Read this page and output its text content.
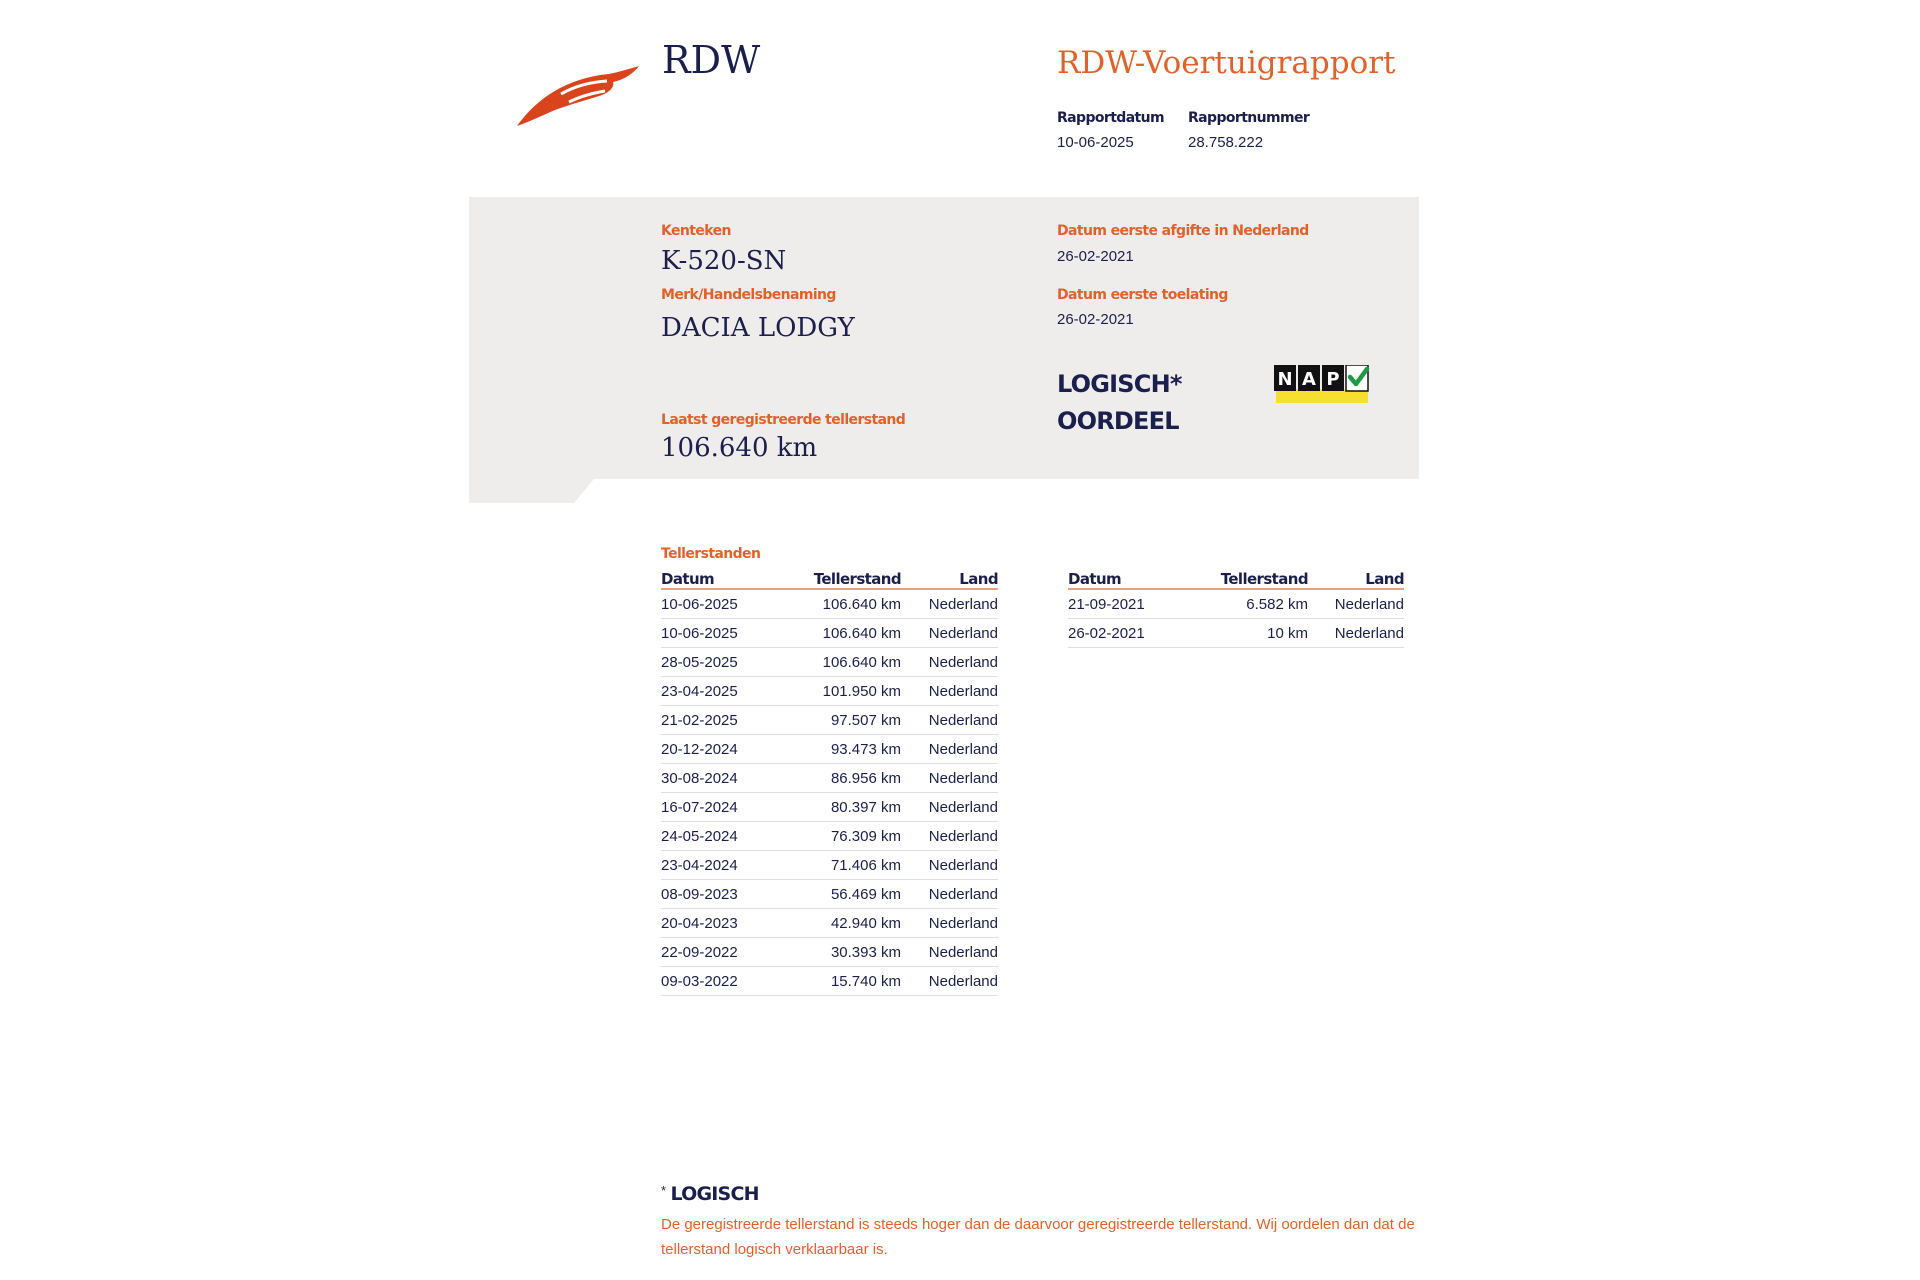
RDW	RDW-Voertuigrapport
Rapportdatum
10-06-2025
Rapportnummer
28.758.222
Kenteken
K-520-SN
Merk/Handelsbenaming
DACIA LODGY
Laatst geregistreerde tellerstand
106.640 km
Datum eerste afgifte in Nederland
26-02-2021
Datum eerste toelating
26-02-2021
LOGISCH*
OORDEEL
N A P
Tellerstanden
Datum	Tellerstand	Land
10-06-2025	106.640 km	Nederland
10-06-2025	106.640 km	Nederland
28-05-2025	106.640 km	Nederland
23-04-2025	101.950 km	Nederland
21-02-2025	97.507 km	Nederland
20-12-2024	93.473 km	Nederland
30-08-2024	86.956 km	Nederland
16-07-2024	80.397 km	Nederland
24-05-2024	76.309 km	Nederland
23-04-2024	71.406 km	Nederland
08-09-2023	56.469 km	Nederland
20-04-2023	42.940 km	Nederland
22-09-2022	30.393 km	Nederland
09-03-2022	15.740 km	Nederland
Datum	Tellerstand	Land
21-09-2021	6.582 km	Nederland
26-02-2021	10 km	Nederland
* LOGISCH
De geregistreerde tellerstand is steeds hoger dan de daarvoor geregistreerde tellerstand. Wij oordelen dan dat de tellerstand logisch verklaarbaar is.
